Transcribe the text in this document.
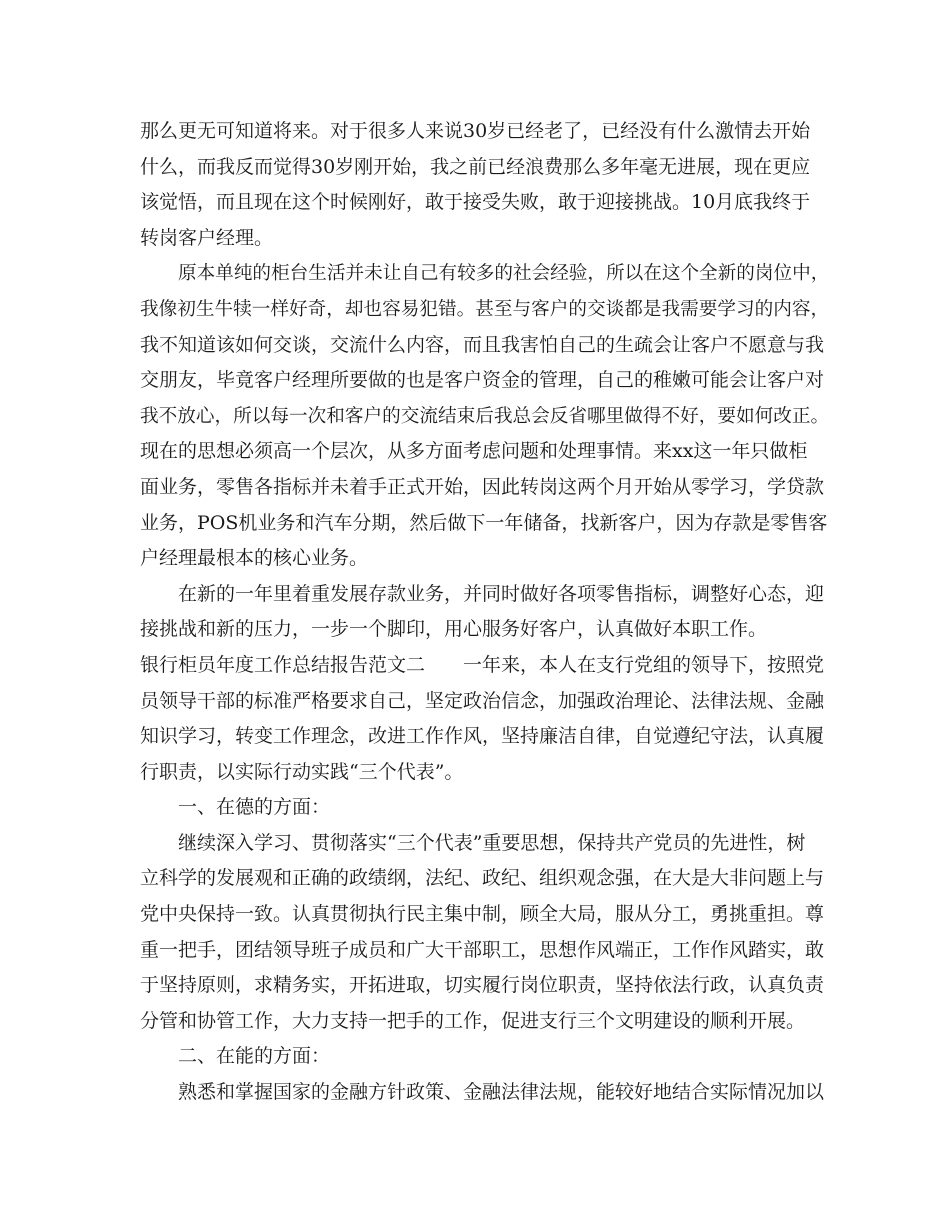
那么更无可知道将来。对于很多人来说30岁已经老了，已经没有什么激情去开始
什么，而我反而觉得30岁刚开始，我之前已经浪费那么多年毫无进展，现在更应
该觉悟，而且现在这个时候刚好，敢于接受失败，敢于迎接挑战。10月底我终于
转岗客户经理。
原本单纯的柜台生活并未让自己有较多的社会经验，所以在这个全新的岗位中，
我像初生牛犊一样好奇，却也容易犯错。甚至与客户的交谈都是我需要学习的内容，
我不知道该如何交谈，交流什么内容，而且我害怕自己的生疏会让客户不愿意与我
交朋友，毕竟客户经理所要做的也是客户资金的管理，自己的稚嫩可能会让客户对
我不放心，所以每一次和客户的交流结束后我总会反省哪里做得不好，要如何改正。
现在的思想必须高一个层次，从多方面考虑问题和处理事情。来xx这一年只做柜
面业务，零售各指标并未着手正式开始，因此转岗这两个月开始从零学习，学贷款
业务，POS机业务和汽车分期，然后做下一年储备，找新客户，因为存款是零售客
户经理最根本的核心业务。
在新的一年里着重发展存款业务，并同时做好各项零售指标，调整好心态，迎
接挑战和新的压力，一步一个脚印，用心服务好客户，认真做好本职工作。
银行柜员年度工作总结报告范文二　　一年来，本人在支行党组的领导下，按照党
员领导干部的标准严格要求自己，坚定政治信念，加强政治理论、法律法规、金融
知识学习，转变工作理念，改进工作作风，坚持廉洁自律，自觉遵纪守法，认真履
行职责，以实际行动实践“三个代表”。
一、在德的方面：
继续深入学习、贯彻落实“三个代表”重要思想，保持共产党员的先进性，树
立科学的发展观和正确的政绩纲，法纪、政纪、组织观念强，在大是大非问题上与
党中央保持一致。认真贯彻执行民主集中制，顾全大局，服从分工，勇挑重担。尊
重一把手，团结领导班子成员和广大干部职工，思想作风端正，工作作风踏实，敢
于坚持原则，求精务实，开拓进取，切实履行岗位职责，坚持依法行政，认真负责
分管和协管工作，大力支持一把手的工作，促进支行三个文明建设的顺利开展。
二、在能的方面：
熟悉和掌握国家的金融方针政策、金融法律法规，能较好地结合实际情况加以
